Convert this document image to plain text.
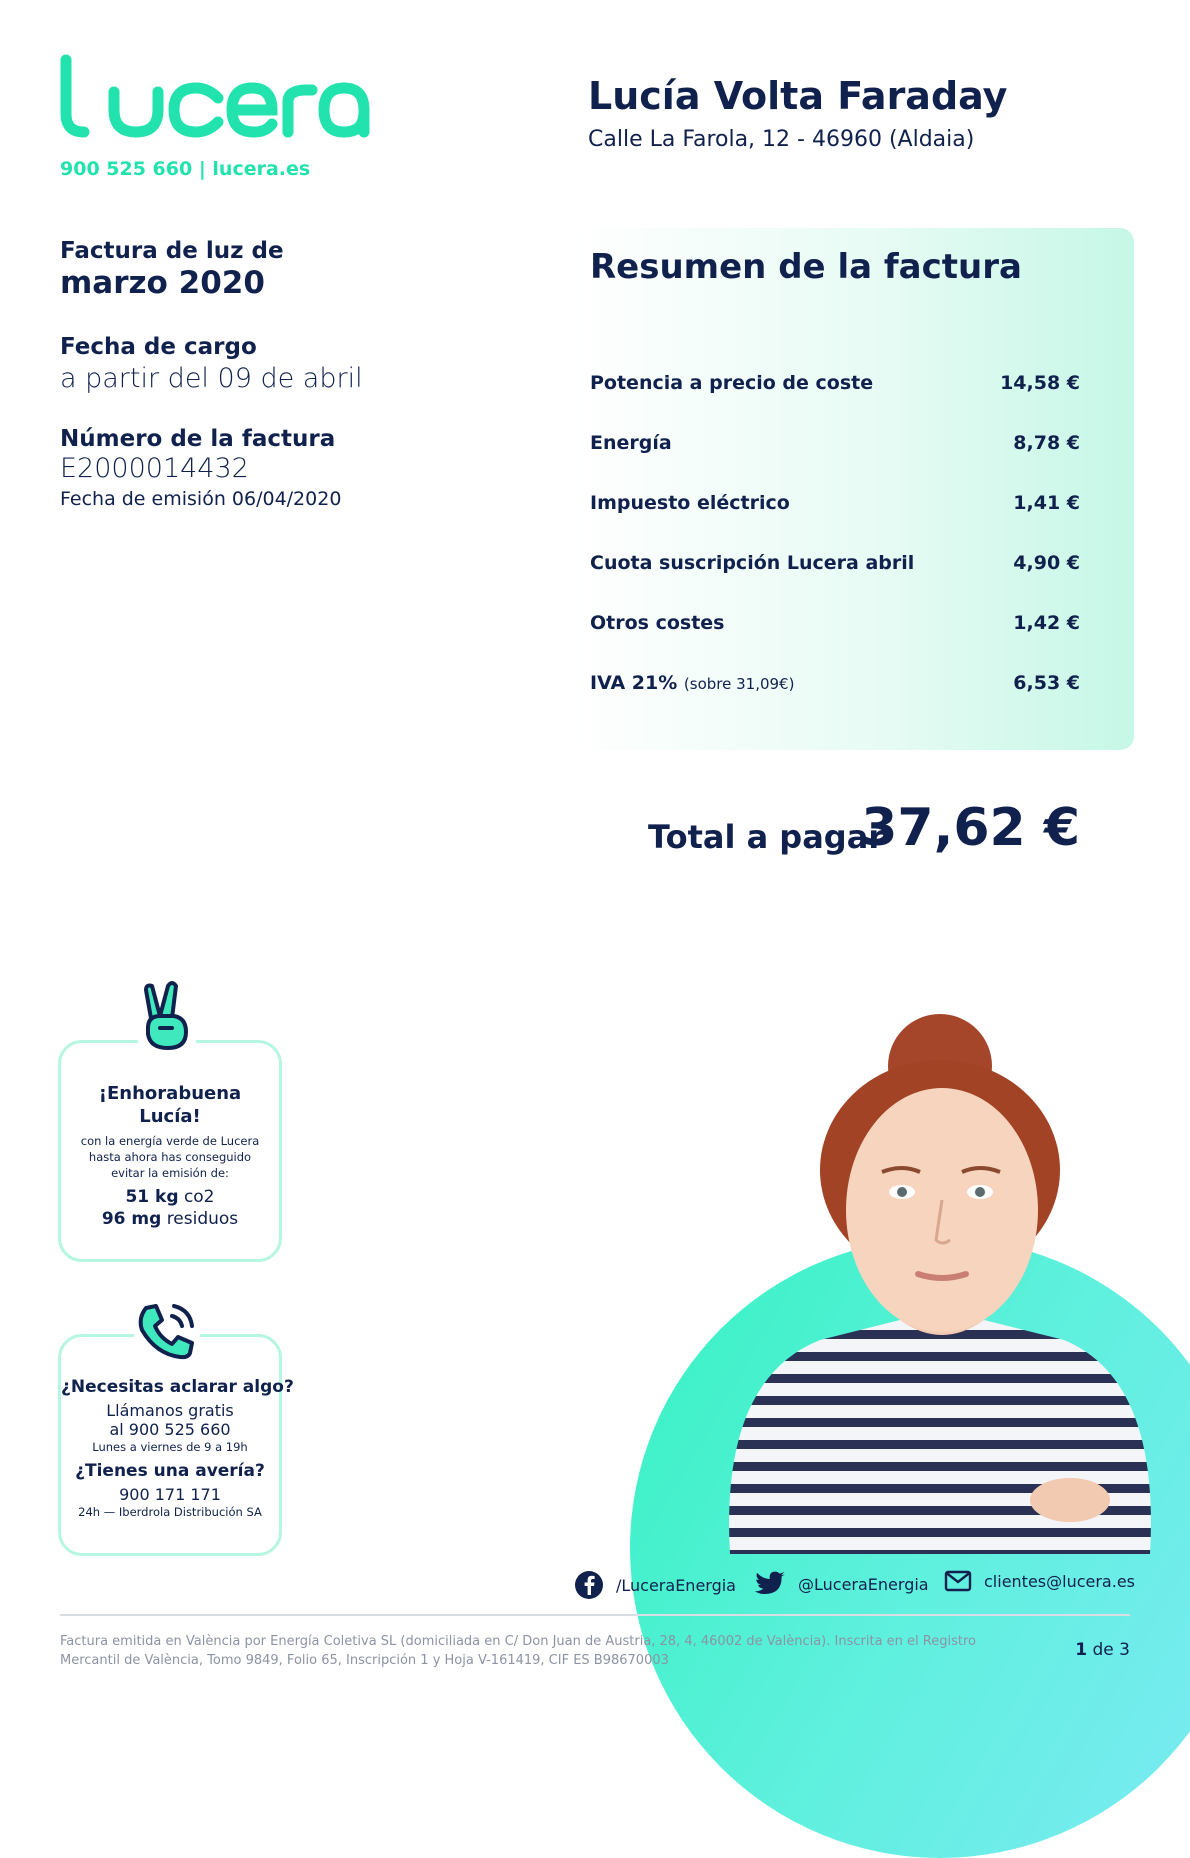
900 525 660 | lucera.es
Lucía Volta Faraday
Calle La Farola, 12 - 46960 (Aldaia)
Factura de luz de
marzo 2020
Fecha de cargo
a partir del 09 de abril
Número de la factura
E2000014432
Fecha de emisión 06/04/2020
Resumen de la factura
Potencia a precio de coste	14,58 €
Energía	8,78 €
Impuesto eléctrico	1,41 €
Cuota suscripción Lucera abril	4,90 €
Otros costes	1,42 €
IVA 21% (sobre 31,09€)	6,53 €
Total a pagar
37,62 €
¡Enhorabuena
Lucía!
con la energía verde de Lucera
hasta ahora has conseguido
evitar la emisión de:
51 kg co2
96 mg residuos
¿Necesitas aclarar algo?
Llámanos gratis
al 900 525 660
Lunes a viernes de 9 a 19h
¿Tienes una avería?
900 171 171
24h — Iberdrola Distribución SA
/LuceraEnergia	@LuceraEnergia	clientes@lucera.es
Factura emitida en València por Energía Coletiva SL (domiciliada en C/ Don Juan de Austria, 28, 4, 46002 de València). Inscrita en el Registro Mercantil de València, Tomo 9849, Folio 65, Inscripción 1 y Hoja V-161419, CIF ES B98670003
1 de 3
